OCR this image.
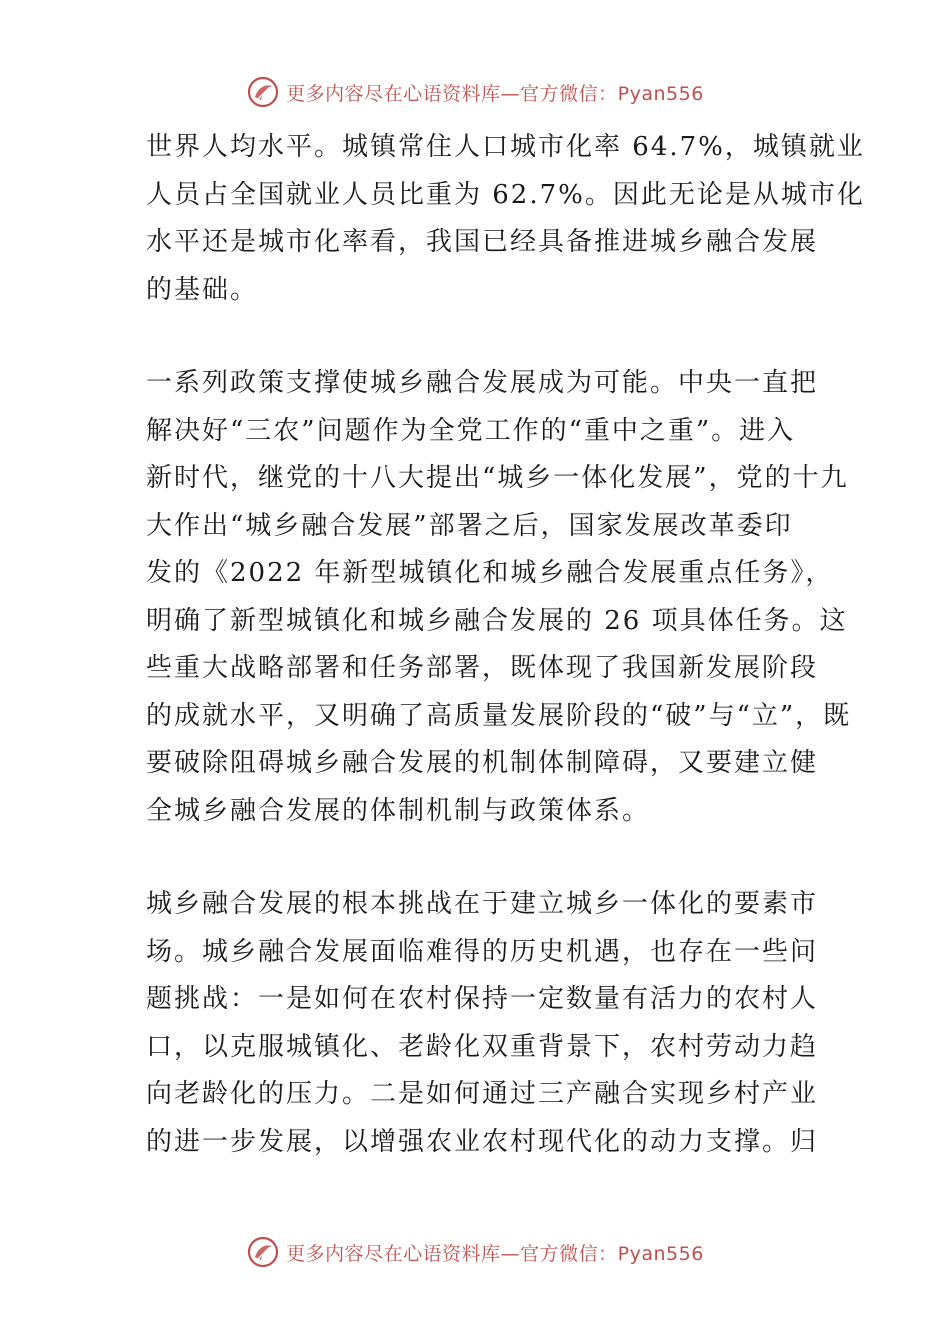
更多内容尽在心语资料库—官方微信：Pyan556

世界人均水平。城镇常住人口城市化率 64.7%，城镇就业
人员占全国就业人员比重为 62.7%。因此无论是从城市化
水平还是城市化率看，我国已经具备推进城乡融合发展
的基础。

一系列政策支撑使城乡融合发展成为可能。中央一直把
解决好“三农”问题作为全党工作的“重中之重”。进入
新时代，继党的十八大提出“城乡一体化发展”，党的十九
大作出“城乡融合发展”部署之后，国家发展改革委印
发的《2022 年新型城镇化和城乡融合发展重点任务》，
明确了新型城镇化和城乡融合发展的 26 项具体任务。这
些重大战略部署和任务部署，既体现了我国新发展阶段
的成就水平，又明确了高质量发展阶段的“破”与“立”，既
要破除阻碍城乡融合发展的机制体制障碍，又要建立健
全城乡融合发展的体制机制与政策体系。

城乡融合发展的根本挑战在于建立城乡一体化的要素市
场。城乡融合发展面临难得的历史机遇，也存在一些问
题挑战：一是如何在农村保持一定数量有活力的农村人
口，以克服城镇化、老龄化双重背景下，农村劳动力趋
向老龄化的压力。二是如何通过三产融合实现乡村产业
的进一步发展，以增强农业农村现代化的动力支撑。归

更多内容尽在心语资料库—官方微信：Pyan556
